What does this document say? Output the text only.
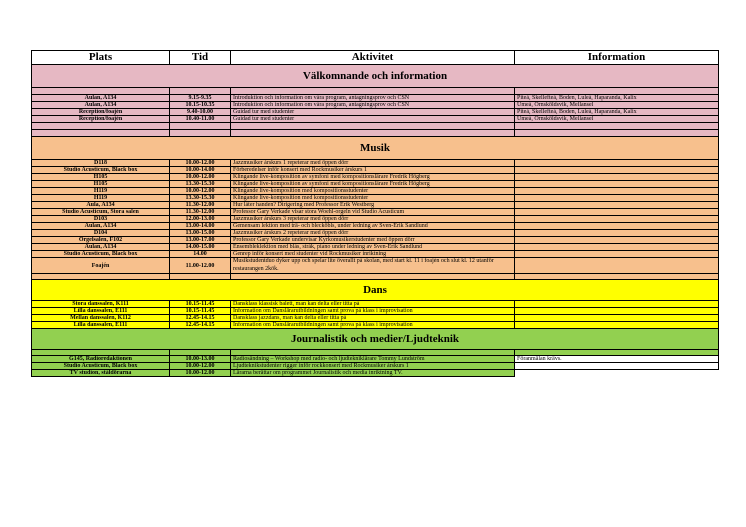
Plats	Tid	Aktivitet	Information
Välkomnande och information			

Aulan, A134	9.15-9.35	Introduktion och information om våra program, antagningsprov och CSN	Piteå, Skellefteå, Boden, Luleå, Haparanda, Kalix
Aulan, A134	10.15-10.35	Introduktion och information om våra program, antagningsprov och CSN	Umeå, Örnsköldsvik, Mellansel
Reception/foajén	9.40-10.00	Guidad tur med studenter	Piteå, Skellefteå, Boden, Luleå, Haparanda, Kalix
Reception/foajén	10.40-11.00	Guidad tur med studenter	Umeå, Örnsköldsvik, Mellansel

Musik			
D118	10.00-12.00	Jazzmusiker årskurs 1 repeterar med öppen dörr	
Studio Acusticum, Black box	10.00-14.00	Förberedelser inför konsert med Rockmusiker årskurs 1	
H105	10.00-12.00	Klingande live-komposition av symfoni med kompositionslärare Fredrik Högberg	
H105	13.30-15.30	Klingande live-komposition av symfoni med kompositionslärare Fredrik Högberg	
H119	10.00-12.00	Klingande live-komposition med kompositionsstudenter	
H119	13.30-15.30	Klingande live-komposition med kompositionsstudenter	
Aula, A134	11.30-12.00	Hur låter handen? Dirigering med Professor Erik Westberg	
Studio Acusticum, Stora salen	11.30-12.00	Professor Gary Verkade visar stora Woehl-orgeln vid Studio Acusticum	
D103	12.00-13.00	Jazzmusiker årskurs 3 repeterar med öppen dörr	
Aulan, A134	13.00-14.00	Gemensam lektion med trä- och blecköbls, under ledning av Sven-Erik Sandlund	
D104	13.00-15.00	Jazzmusiker årskurs 2 repeterar med öppen dörr	
Orgelsalen, F102	13.00-17.00	Professor Gary Verkade undervisar Kyrkomusikerstudenter med öppen dörr	
Aulan, A134	14.00-15.00	Ensembleklektion med blås, stråk, piano under ledning av Sven-Erik Sandlund	
Studio Acusticum, Black box	14.00	Genrep inför konsert med studenter vid Rockmusiker inriktning	
Foajén	11.00-12.00	Musikstudentduo dyker upp och spelar lite överallt på skolan, med start kl. 11 i foajén och slut kl. 12 utanför restaurangen 2kök.	

Dans			
Stora danssalen, K111	10.15-11.45	Dansklass klassisk balett, man kan delta eller titta på	
Lilla danssalen, E111	10.15-11.45	Information om Danslärarutbildningen samt prova på klass i improvisation	
Mellan danssalen, K112	12.45-14.15	Dansklass jazzdans, man kan delta eller titta på	
Lilla danssalen, E111	12.45-14.15	Information om Danslärarutbildningen samt prova på klass i improvisation	
Journalistik och medier/Ljudteknik			

G145, Radioredaktionen	10.00-13.00	Radiosändning – Workshop med radio- och ljudtekniklärare Tommy Lundström	Föranmälan krävs.
Studio Acusticum, Black box	10.00-12.00	Ljudteknikstudenter rigger inför rockkonsert med Rockmusiker årskurs 1	
TV studion, ståldörarna	10.00-12.00	Lärarna berättar om programmet Journalistik och media inriktning TV.	
